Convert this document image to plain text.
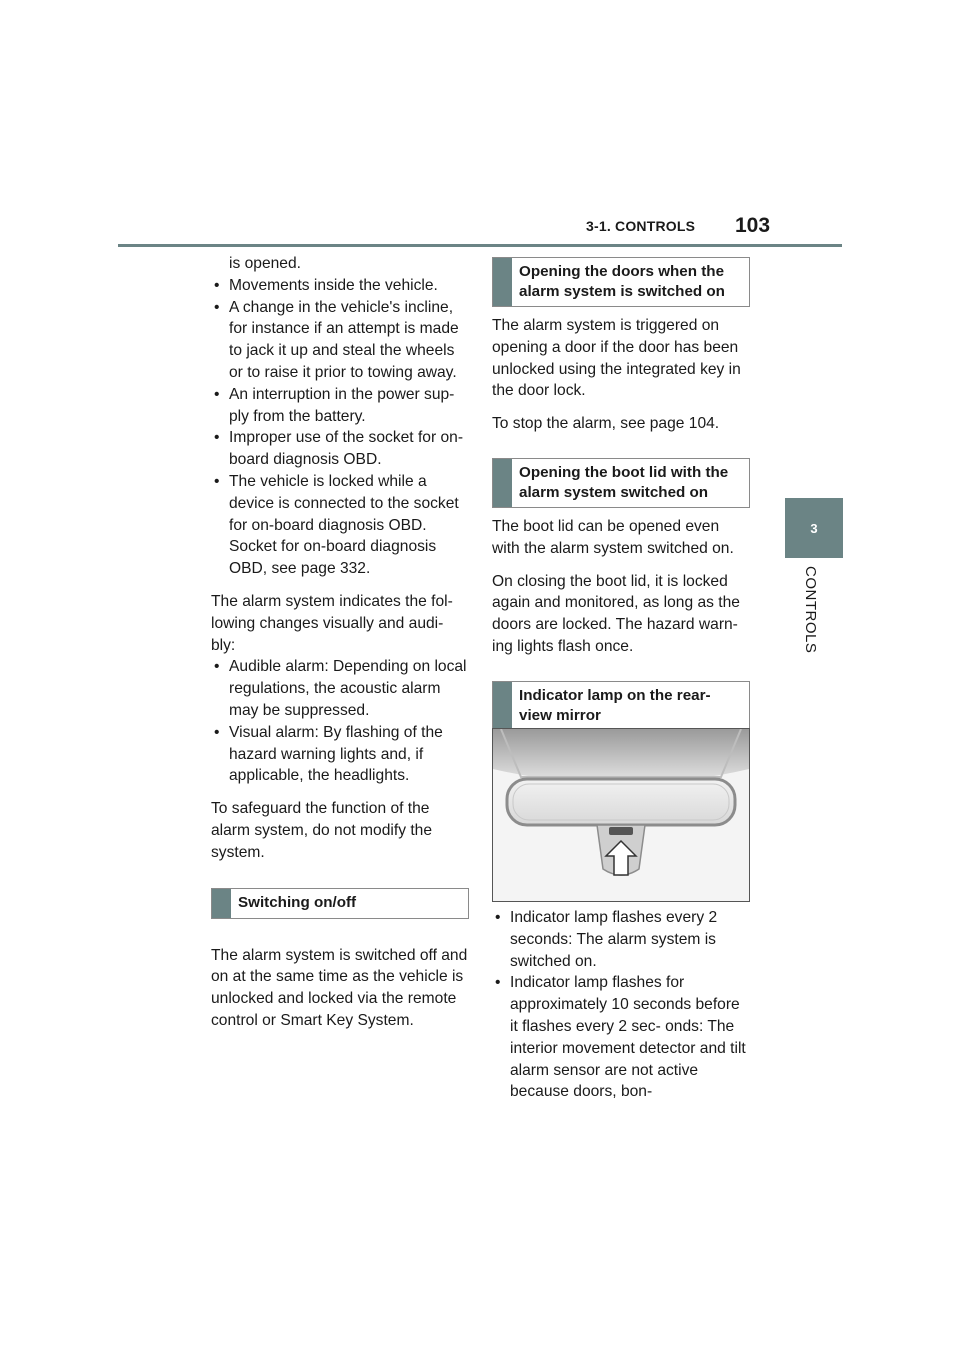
3-1. CONTROLS 103
3
CONTROLS

is opened.

• Movements inside the vehicle.
• A change in the vehicle's incline, for instance if an attempt is made to jack it up and steal the wheels or to raise it prior to towing away.
• An interruption in the power sup- ply from the battery.
• Improper use of the socket for on-board diagnosis OBD.
• The vehicle is locked while a device is connected to the socket for on-board diagnosis OBD. Socket for on-board diagnosis OBD, see page 332.

The alarm system indicates the fol- lowing changes visually and audi- bly:

• Audible alarm: Depending on local regulations, the acoustic alarm may be suppressed.
• Visual alarm: By flashing of the hazard warning lights and, if applicable, the headlights.

To safeguard the function of the alarm system, do not modify the system.

Switching on/off

The alarm system is switched off and on at the same time as the vehicle is unlocked and locked via the remote control or Smart Key System.

Opening the doors when the alarm system is switched on

The alarm system is triggered on opening a door if the door has been unlocked using the integrated key in the door lock.

To stop the alarm, see page 104.

Opening the boot lid with the alarm system switched on

The boot lid can be opened even with the alarm system switched on.

On closing the boot lid, it is locked again and monitored, as long as the doors are locked. The hazard warn- ing lights flash once.

Indicator lamp on the rear-view mirror
• Indicator lamp flashes every 2 seconds: The alarm system is switched on.
• Indicator lamp flashes for approximately 10 seconds before it flashes every 2 sec- onds: The interior movement detector and tilt alarm sensor are not active because doors, bon-
